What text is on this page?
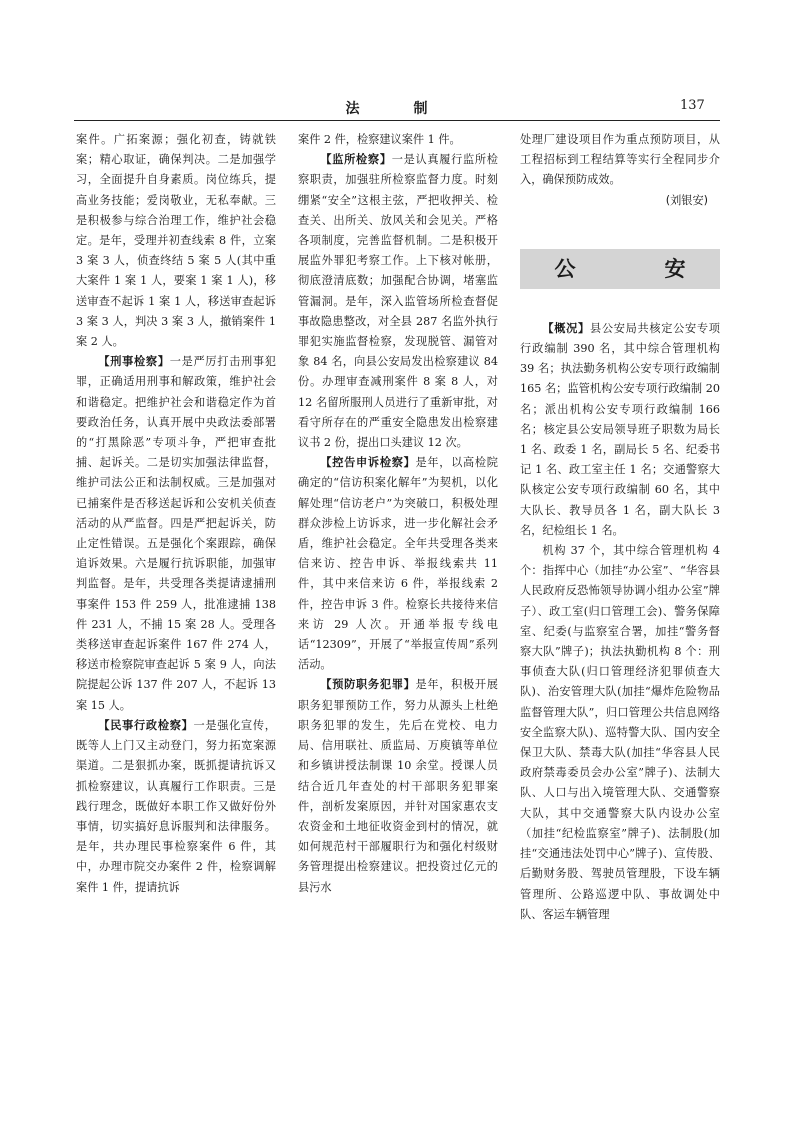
法　制	137

案件。广拓案源；强化初查，铸就铁案；精心取证，确保判决。二是加强学习，全面提升自身素质。岗位练兵，提高业务技能；爱岗敬业，无私奉献。三是积极参与综合治理工作，维护社会稳定。是年，受理并初查线索 8 件，立案 3 案 3 人，侦查终结 5 案 5 人(其中重大案件 1 案 1 人，要案 1 案 1 人)，移送审查不起诉 1 案 1 人，移送审查起诉 3 案 3 人，判决 3 案 3 人，撤销案件 1 案 2 人。

【刑事检察】一是严厉打击刑事犯罪，正确适用刑事和解政策，维护社会和谐稳定。把维护社会和谐稳定作为首要政治任务，认真开展中央政法委部署的“打黑除恶”专项斗争，严把审查批捕、起诉关。二是切实加强法律监督，维护司法公正和法制权威。三是加强对已捕案件是否移送起诉和公安机关侦查活动的从严监督。四是严把起诉关，防止定性错误。五是强化个案跟踪，确保追诉效果。六是履行抗诉职能，加强审判监督。是年，共受理各类提请逮捕刑事案件 153 件 259 人，批准逮捕 138 件 231 人，不捕 15 案 28 人。受理各类移送审查起诉案件 167 件 274 人，移送市检察院审查起诉 5 案 9 人，向法院提起公诉 137 件 207 人，不起诉 13 案 15 人。

【民事行政检察】一是强化宣传，既等人上门又主动登门，努力拓宽案源渠道。二是狠抓办案，既抓提请抗诉又抓检察建议，认真履行工作职责。三是践行理念，既做好本职工作又做好份外事情，切实搞好息诉服判和法律服务。是年，共办理民事检察案件 6 件，其中，办理市院交办案件 2 件，检察调解案件 1 件，提请抗诉

案件 2 件，检察建议案件 1 件。

【监所检察】一是认真履行监所检察职责，加强驻所检察监督力度。时刻绷紧“安全”这根主弦，严把收押关、检查关、出所关、放风关和会见关。严格各项制度，完善监督机制。二是积极开展监外罪犯考察工作。上下核对帐册，彻底澄清底数；加强配合协调，堵塞监管漏洞。是年，深入监管场所检查督促事故隐患整改，对全县 287 名监外执行罪犯实施监督检察，发现脱管、漏管对象 84 名，向县公安局发出检察建议 84 份。办理审查减刑案件 8 案 8 人，对 12 名留所服刑人员进行了重新审批，对看守所存在的严重安全隐患发出检察建议书 2 份，提出口头建议 12 次。

【控告申诉检察】是年，以高检院确定的“信访积案化解年”为契机，以化解处理“信访老户”为突破口，积极处理群众涉检上访诉求，进一步化解社会矛盾，维护社会稳定。全年共受理各类来信来访、控告申诉、举报线索共 11 件，其中来信来访 6 件，举报线索 2 件，控告申诉 3 件。检察长共接待来信来访 29 人次。开通举报专线电话“12309”，开展了“举报宣传周”系列活动。

【预防职务犯罪】是年，积极开展职务犯罪预防工作，努力从源头上杜绝职务犯罪的发生，先后在党校、电力局、信用联社、质监局、万庾镇等单位和乡镇讲授法制课 10 余堂。授课人员结合近几年查处的村干部职务犯罪案件，剖析发案原因，并针对国家惠农支农资金和土地征收资金到村的情况，就如何规范村干部履职行为和强化村级财务管理提出检察建议。把投资过亿元的县污水

处理厂建设项目作为重点预防项目，从工程招标到工程结算等实行全程同步介入，确保预防成效。

(刘银安)

公　安

【概况】县公安局共核定公安专项行政编制 390 名，其中综合管理机构 39 名；执法勤务机构公安专项行政编制 165 名；监管机构公安专项行政编制 20 名；派出机构公安专项行政编制 166 名；核定县公安局领导班子职数为局长 1 名、政委 1 名，副局长 5 名、纪委书记 1 名、政工室主任 1 名；交通警察大队核定公安专项行政编制 60 名，其中大队长、教导员各 1 名，副大队长 3 名，纪检组长 1 名。

机构 37 个，其中综合管理机构 4 个：指挥中心（加挂“办公室”、“华容县人民政府反恐怖领导协调小组办公室”牌子）、政工室(归口管理工会)、警务保障室、纪委(与监察室合署，加挂“警务督察大队”牌子)；执法执勤机构 8 个：刑事侦查大队(归口管理经济犯罪侦查大队)、治安管理大队(加挂“爆炸危险物品监督管理大队”，归口管理公共信息网络安全监察大队)、巡特警大队、国内安全保卫大队、禁毒大队(加挂“华容县人民政府禁毒委员会办公室”牌子)、法制大队、人口与出入境管理大队、交通警察大队，其中交通警察大队内设办公室（加挂“纪检监察室”牌子)、法制股(加挂“交通违法处罚中心”牌子)、宣传股、后勤财务股、驾驶员管理股，下设车辆管理所、公路巡逻中队、事故调处中队、客运车辆管理
